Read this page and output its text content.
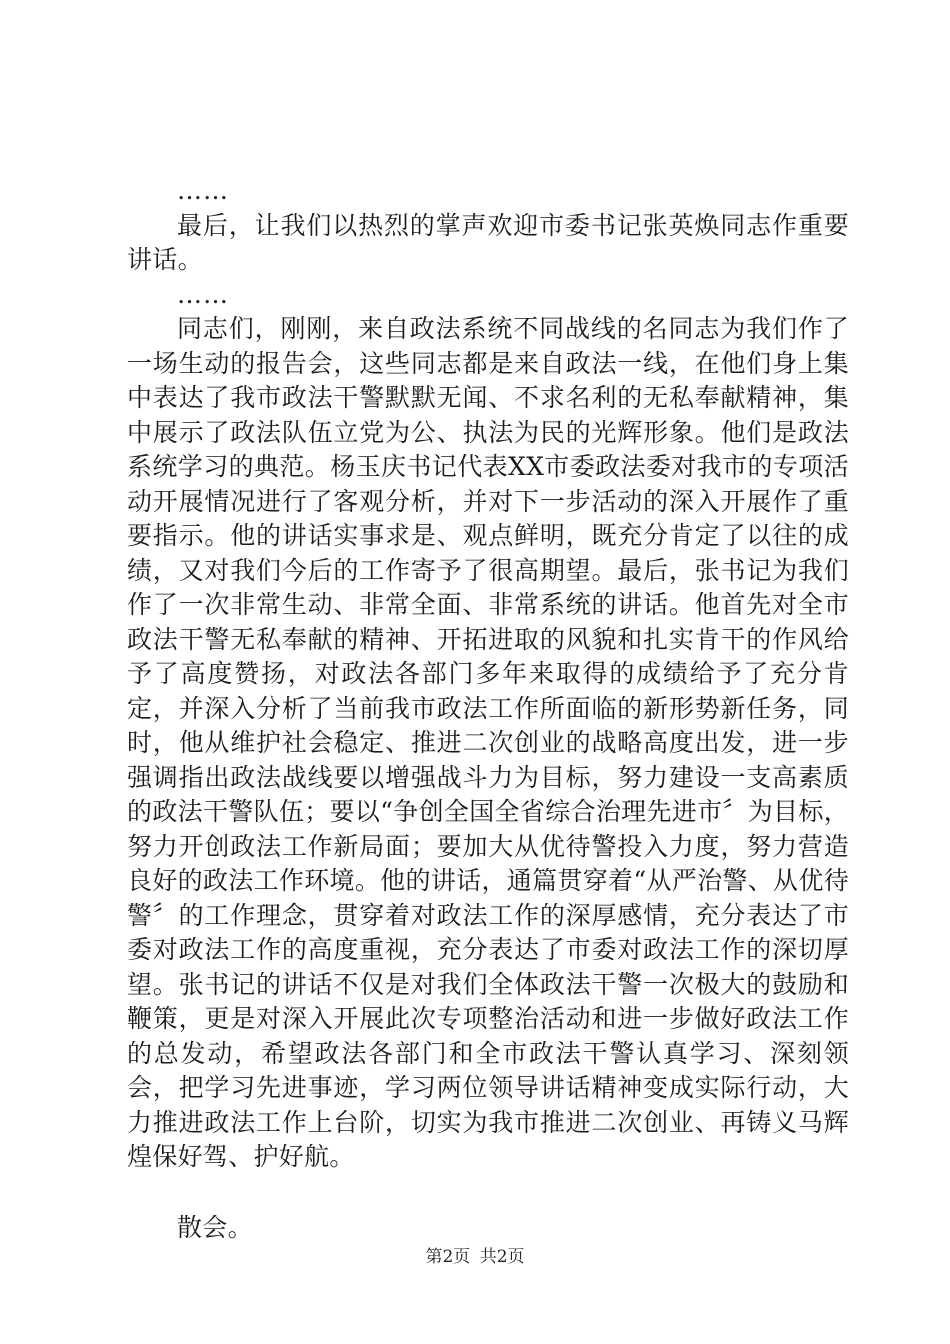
……

最后，让我们以热烈的掌声欢迎市委书记张英焕同志作重要讲话。

……

同志们，刚刚，来自政法系统不同战线的名同志为我们作了一场生动的报告会，这些同志都是来自政法一线，在他们身上集中表达了我市政法干警默默无闻、不求名利的无私奉献精神，集中展示了政法队伍立党为公、执法为民的光辉形象。他们是政法系统学习的典范。杨玉庆书记代表XX市委政法委对我市的专项活动开展情况进行了客观分析，并对下一步活动的深入开展作了重要指示。他的讲话实事求是、观点鲜明，既充分肯定了以往的成绩，又对我们今后的工作寄予了很高期望。最后，张书记为我们作了一次非常生动、非常全面、非常系统的讲话。他首先对全市政法干警无私奉献的精神、开拓进取的风貌和扎实肯干的作风给予了高度赞扬，对政法各部门多年来取得的成绩给予了充分肯定，并深入分析了当前我市政法工作所面临的新形势新任务，同时，他从维护社会稳定、推进二次创业的战略高度出发，进一步强调指出政法战线要以增强战斗力为目标，努力建设一支高素质的政法干警队伍；要以“争创全国全省综合治理先进市〞为目标，努力开创政法工作新局面；要加大从优待警投入力度，努力营造良好的政法工作环境。他的讲话，通篇贯穿着“从严治警、从优待警〞的工作理念，贯穿着对政法工作的深厚感情，充分表达了市委对政法工作的高度重视，充分表达了市委对政法工作的深切厚望。张书记的讲话不仅是对我们全体政法干警一次极大的鼓励和鞭策，更是对深入开展此次专项整治活动和进一步做好政法工作的总发动，希望政法各部门和全市政法干警认真学习、深刻领会，把学习先进事迹，学习两位领导讲话精神变成实际行动，大力推进政法工作上台阶，切实为我市推进二次创业、再铸义马辉煌保好驾、护好航。

散会。

第2页 共2页
